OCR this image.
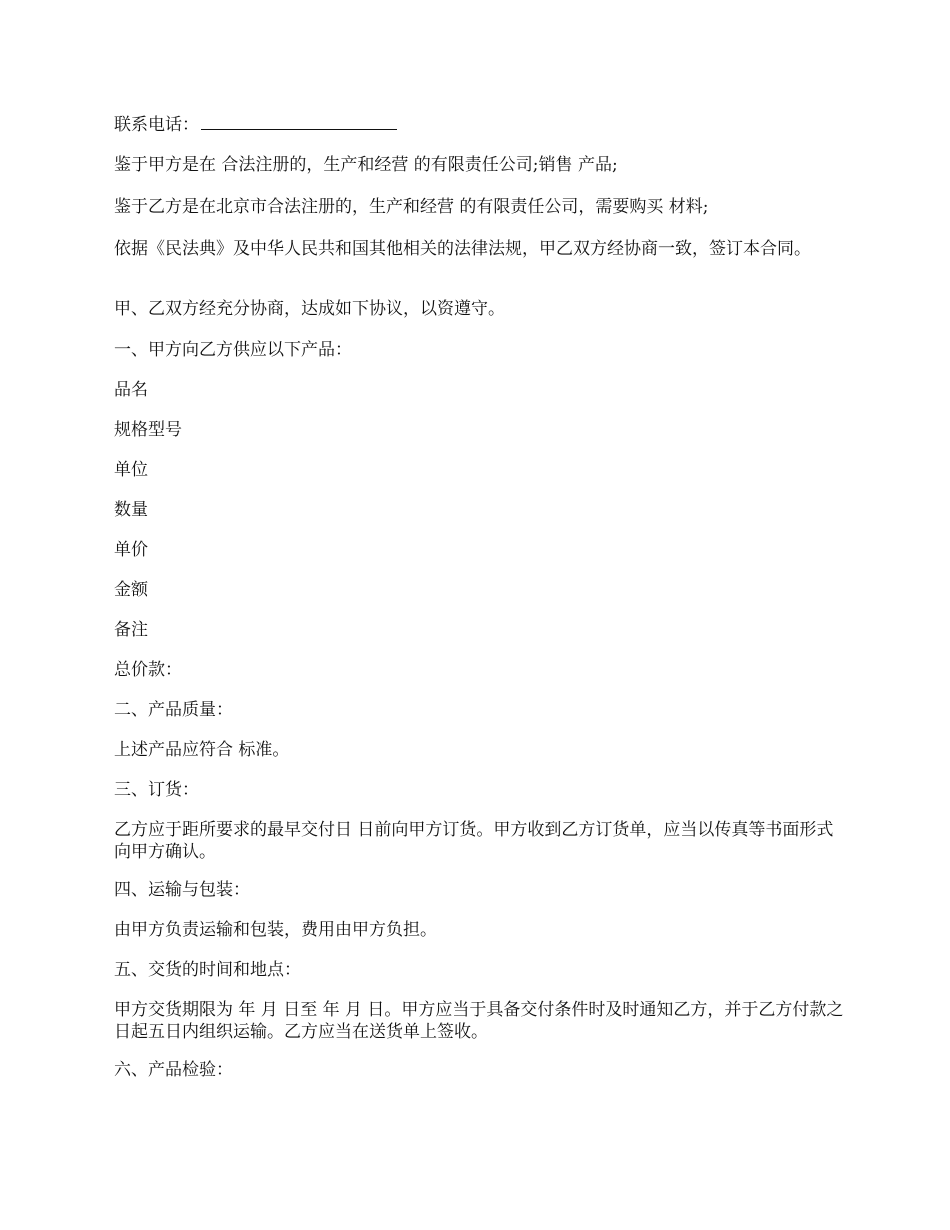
联系电话：

鉴于甲方是在 合法注册的，生产和经营 的有限责任公司;销售 产品;

鉴于乙方是在北京市合法注册的，生产和经营 的有限责任公司，需要购买 材料;

依据《民法典》及中华人民共和国其他相关的法律法规，甲乙双方经协商一致，签订本合同。

甲、乙双方经充分协商，达成如下协议，以资遵守。

一、甲方向乙方供应以下产品：

品名

规格型号

单位

数量

单价

金额

备注

总价款：

二、产品质量：

上述产品应符合 标准。

三、订货：

乙方应于距所要求的最早交付日 日前向甲方订货。甲方收到乙方订货单，应当以传真等书面形式向甲方确认。

四、运输与包装：

由甲方负责运输和包装，费用由甲方负担。

五、交货的时间和地点：

甲方交货期限为 年 月 日至 年 月 日。甲方应当于具备交付条件时及时通知乙方，并于乙方付款之日起五日内组织运输。乙方应当在送货单上签收。

六、产品检验：
